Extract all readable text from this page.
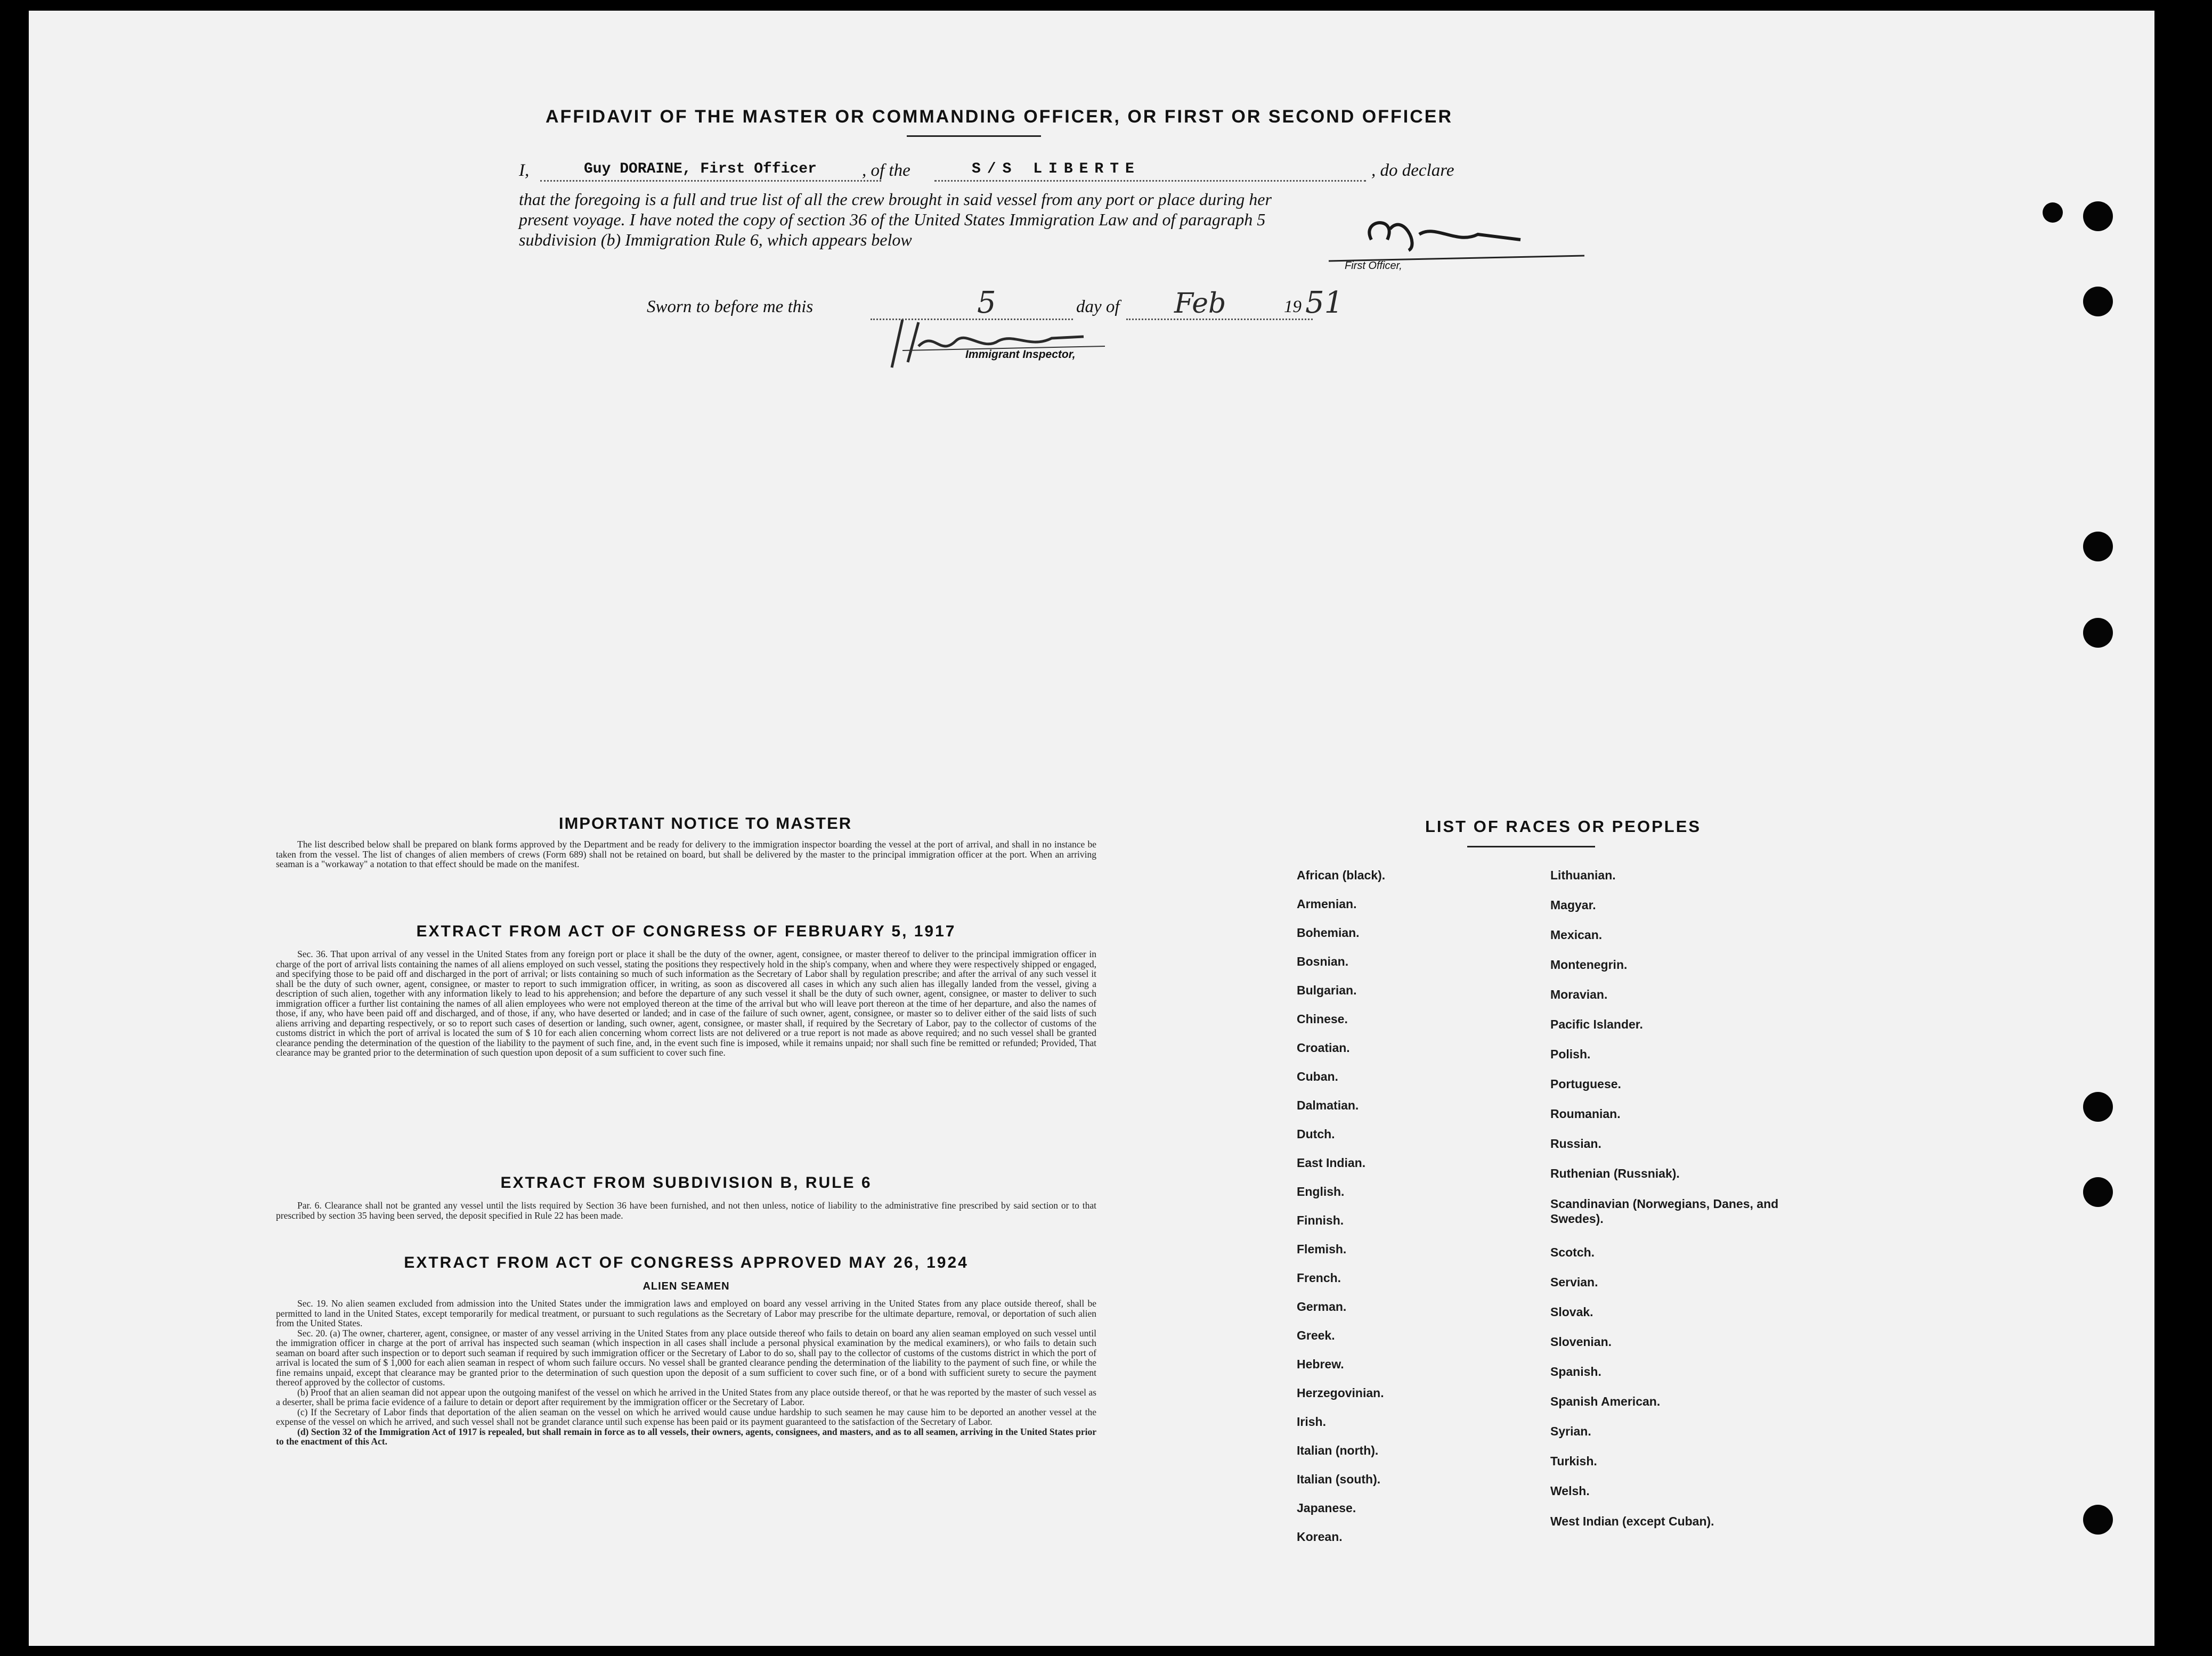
AFFIDAVIT OF THE MASTER OR COMMANDING OFFICER, OR FIRST OR SECOND OFFICER
I,	Guy DORAINE, First Officer	, of the	S/S LIBERTE	, do declare
that the foregoing is a full and true list of all the crew brought in said vessel from any port or place during her
present voyage. I have noted the copy of section 36 of the United States Immigration Law and of paragraph 5
subdivision (b) Immigration Rule 6, which appears below
First Officer,
Sworn to before me this	5	day of Feb	19 51
Immigrant Inspector,
IMPORTANT NOTICE TO MASTER
The list described below shall be prepared on blank forms approved by the Department and be ready for delivery to the immigration inspector boarding the vessel at the port of arrival, and shall in no instance be taken from the vessel. The list of changes of alien members of crews (Form 689) shall not be retained on board, but shall be delivered by the master to the principal immigration officer at the port. When an arriving seaman is a "workaway" a notation to that effect should be made on the manifest.
EXTRACT FROM ACT OF CONGRESS OF FEBRUARY 5, 1917
Sec. 36. That upon arrival of any vessel in the United States from any foreign port or place it shall be the duty of the owner, agent, consignee, or master thereof to deliver to the principal immigration officer in charge of the port of arrival lists containing the names of all aliens employed on such vessel, stating the positions they respectively hold in the ship's company, when and where they were respectively shipped or engaged, and specifying those to be paid off and discharged in the port of arrival; or lists containing so much of such information as the Secretary of Labor shall by regulation prescribe; and after the arrival of any such vessel it shall be the duty of such owner, agent, consignee, or master to report to such immigration officer, in writing, as soon as discovered all cases in which any such alien has illegally landed from the vessel, giving a description of such alien, together with any information likely to lead to his apprehension; and before the departure of any such vessel it shall be the duty of such owner, agent, consignee, or master to deliver to such immigration officer a further list containing the names of all alien employees who were not employed thereon at the time of the arrival but who will leave port thereon at the time of her departure, and also the names of those, if any, who have been paid off and discharged, and of those, if any, who have deserted or landed; and in case of the failure of such owner, agent, consignee, or master so to deliver either of the said lists of such aliens arriving and departing respectively, or so to report such cases of desertion or landing, such owner, agent, consignee, or master shall, if required by the Secretary of Labor, pay to the collector of customs of the customs district in which the port of arrival is located the sum of $ 10 for each alien concerning whom correct lists are not delivered or a true report is not made as above required; and no such vessel shall be granted clearance pending the determination of the question of the liability to the payment of such fine, and, in the event such fine is imposed, while it remains unpaid; nor shall such fine be remitted or refunded; Provided, That clearance may be granted prior to the determination of such question upon deposit of a sum sufficient to cover such fine.
EXTRACT FROM SUBDIVISION B, RULE 6
Par. 6. Clearance shall not be granted any vessel until the lists required by Section 36 have been furnished, and not then unless, notice of liability to the administrative fine prescribed by said section or to that prescribed by section 35 having been served, the deposit specified in Rule 22 has been made.
EXTRACT FROM ACT OF CONGRESS APPROVED MAY 26, 1924
ALIEN SEAMEN
Sec. 19. No alien seamen excluded from admission into the United States under the immigration laws and employed on board any vessel arriving in the United States from any place outside thereof, shall be permitted to land in the United States, except temporarily for medical treatment, or pursuant to such regulations as the Secretary of Labor may prescribe for the ultimate departure, removal, or deportation of such alien from the United States.
Sec. 20. (a) The owner, charterer, agent, consignee, or master of any vessel arriving in the United States from any place outside thereof who fails to detain on board any alien seaman employed on such vessel until the immigration officer in charge at the port of arrival has inspected such seaman (which inspection in all cases shall include a personal physical examination by the medical examiners), or who fails to detain such seaman on board after such inspection or to deport such seaman if required by such immigration officer or the Secretary of Labor to do so, shall pay to the collector of customs of the customs district in which the port of arrival is located the sum of $ 1,000 for each alien seaman in respect of whom such failure occurs. No vessel shall be granted clearance pending the determination of the liability to the payment of such fine, or while the fine remains unpaid, except that clearance may be granted prior to the determination of such question upon the deposit of a sum sufficient to cover such fine, or of a bond with sufficient surety to secure the payment thereof approved by the collector of customs.
(b) Proof that an alien seaman did not appear upon the outgoing manifest of the vessel on which he arrived in the United States from any place outside thereof, or that he was reported by the master of such vessel as a deserter, shall be prima facie evidence of a failure to detain or deport after requirement by the immigration officer or the Secretary of Labor.
(c) If the Secretary of Labor finds that deportation of the alien seaman on the vessel on which he arrived would cause undue hardship to such seamen he may cause him to be deported an another vessel at the expense of the vessel on which he arrived, and such vessel shall not be grandet clarance until such expense has been paid or its payment guaranteed to the satisfaction of the Secretary of Labor.
(d) Section 32 of the Immigration Act of 1917 is repealed, but shall remain in force as to all vessels, their owners, agents, consignees, and masters, and as to all seamen, arriving in the United States prior to the enactment of this Act.
LIST OF RACES OR PEOPLES
African (black).
Armenian.
Bohemian.
Bosnian.
Bulgarian.
Chinese.
Croatian.
Cuban.
Dalmatian.
Dutch.
East Indian.
English.
Finnish.
Flemish.
French.
German.
Greek.
Hebrew.
Herzegovinian.
Irish.
Italian (north).
Italian (south).
Japanese.
Korean.
Lithuanian.
Magyar.
Mexican.
Montenegrin.
Moravian.
Pacific Islander.
Polish.
Portuguese.
Roumanian.
Russian.
Ruthenian (Russniak).
Scandinavian (Norwegians, Danes, and Swedes).
Scotch.
Servian.
Slovak.
Slovenian.
Spanish.
Spanish American.
Syrian.
Turkish.
Welsh.
West Indian (except Cuban).
